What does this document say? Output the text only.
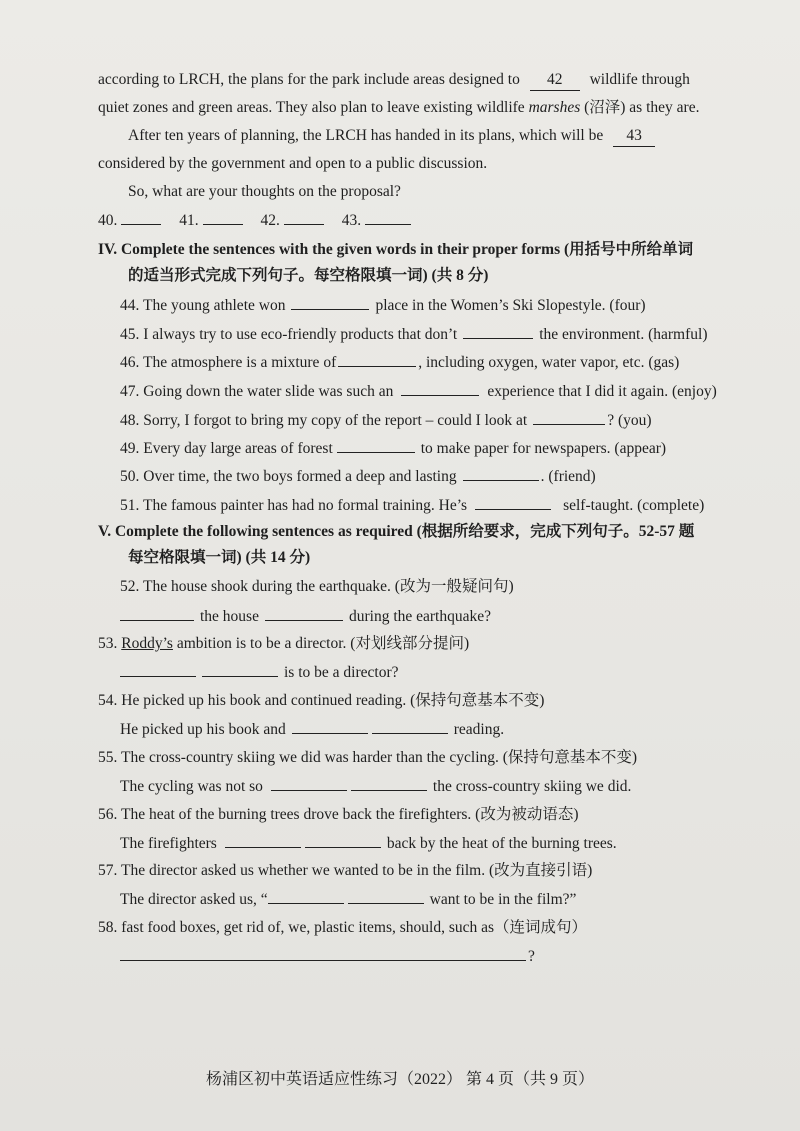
according to LRCH, the plans for the park include areas designed to 42 wildlife through
quiet zones and green areas. They also plan to leave existing wildlife marshes (沼泽) as they are.
After ten years of planning, the LRCH has handed in its plans, which will be 43
considered by the government and open to a public discussion.
So, what are your thoughts on the proposal?
40.	41.	42.	43.
IV. Complete the sentences with the given words in their proper forms (用括号中所给单词
的适当形式完成下列句子。每空格限填一词) (共 8 分)
44. The young athlete won	place in the Women’s Ski Slopestyle. (four)
45. I always try to use eco-friendly products that don’t	the environment. (harmful)
46. The atmosphere is a mixture of	, including oxygen, water vapor, etc. (gas)
47. Going down the water slide was such an	experience that I did it again. (enjoy)
48. Sorry, I forgot to bring my copy of the report – could I look at	? (you)
49. Every day large areas of forest	to make paper for newspapers. (appear)
50. Over time, the two boys formed a deep and lasting	. (friend)
51. The famous painter has had no formal training. He’s	self-taught. (complete)
V. Complete the following sentences as required (根据所给要求，完成下列句子。52-57 题
每空格限填一词) (共 14 分)
52. The house shook during the earthquake. (改为一般疑问句)
the house	during the earthquake?
53. Roddy’s ambition is to be a director. (对划线部分提问)
is to be a director?
54. He picked up his book and continued reading. (保持句意基本不变)
He picked up his book and	reading.
55. The cross-country skiing we did was harder than the cycling. (保持句意基本不变)
The cycling was not so	the cross-country skiing we did.
56. The heat of the burning trees drove back the firefighters. (改为被动语态)
The firefighters	back by the heat of the burning trees.
57. The director asked us whether we wanted to be in the film. (改为直接引语)
The director asked us, “	want to be in the film?”
58. fast food boxes, get rid of, we, plastic items, should, such as（连词成句）
?
杨浦区初中英语适应性练习（2022） 第 4 页（共 9 页）
